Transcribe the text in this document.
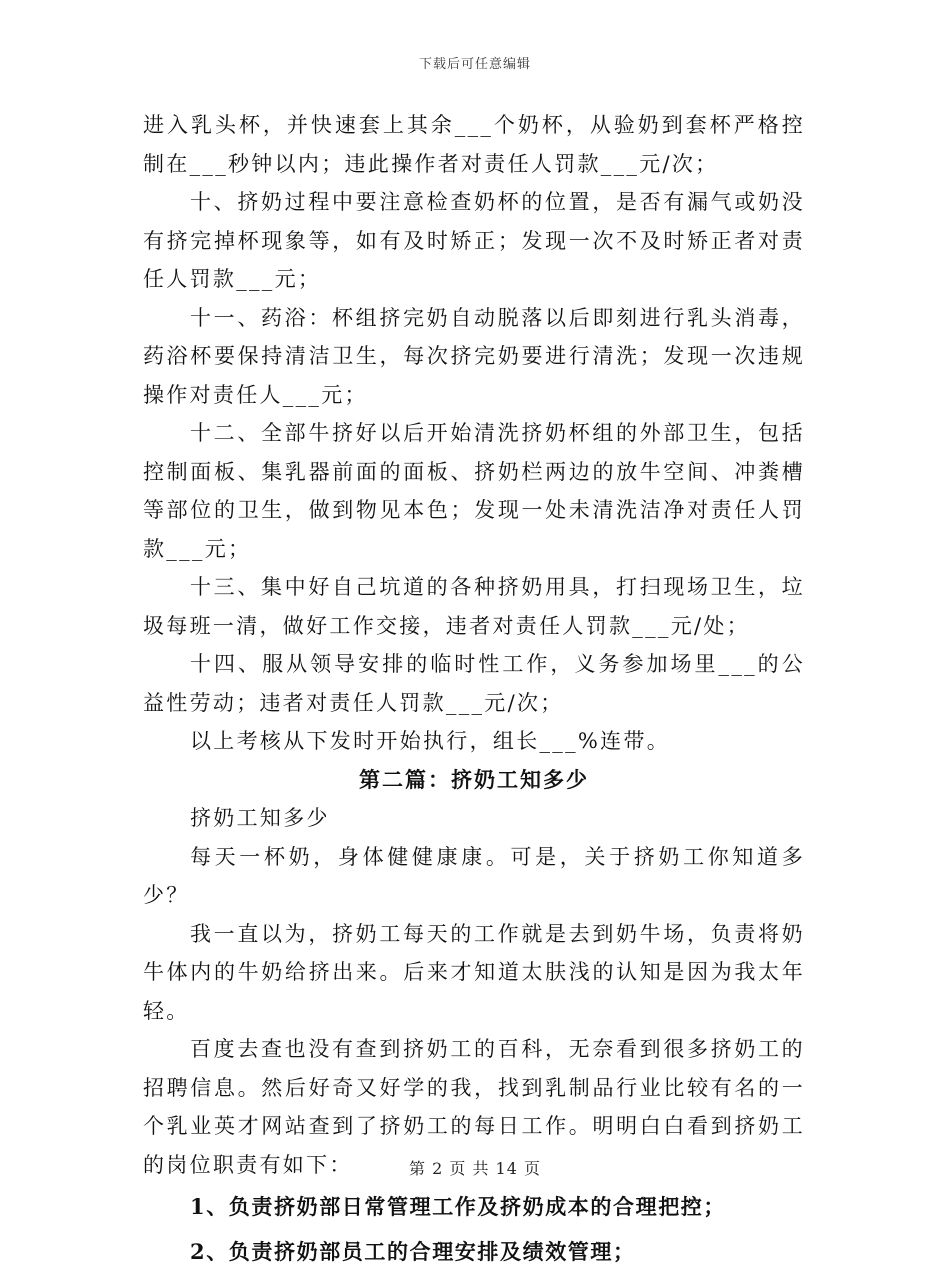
下载后可任意编辑

进入乳头杯，并快速套上其余___个奶杯，从验奶到套杯严格控制在___秒钟以内；违此操作者对责任人罚款___元/次；

十、挤奶过程中要注意检查奶杯的位置，是否有漏气或奶没有挤完掉杯现象等，如有及时矫正；发现一次不及时矫正者对责任人罚款___元；

十一、药浴：杯组挤完奶自动脱落以后即刻进行乳头消毒，药浴杯要保持清洁卫生，每次挤完奶要进行清洗；发现一次违规操作对责任人___元；

十二、全部牛挤好以后开始清洗挤奶杯组的外部卫生，包括控制面板、集乳器前面的面板、挤奶栏两边的放牛空间、冲粪槽等部位的卫生，做到物见本色；发现一处未清洗洁净对责任人罚款___元；

十三、集中好自己坑道的各种挤奶用具，打扫现场卫生，垃圾每班一清，做好工作交接，违者对责任人罚款___元/处；

十四、服从领导安排的临时性工作，义务参加场里___的公益性劳动；违者对责任人罚款___元/次；

以上考核从下发时开始执行，组长___%连带。

第二篇：挤奶工知多少

挤奶工知多少

每天一杯奶，身体健健康康。可是，关于挤奶工你知道多少？

我一直以为，挤奶工每天的工作就是去到奶牛场，负责将奶牛体内的牛奶给挤出来。后来才知道太肤浅的认知是因为我太年轻。

百度去查也没有查到挤奶工的百科，无奈看到很多挤奶工的招聘信息。然后好奇又好学的我，找到乳制品行业比较有名的一个乳业英才网站查到了挤奶工的每日工作。明明白白看到挤奶工的岗位职责有如下：

1、负责挤奶部日常管理工作及挤奶成本的合理把控；

2、负责挤奶部员工的合理安排及绩效管理；

第 2 页 共 14 页
